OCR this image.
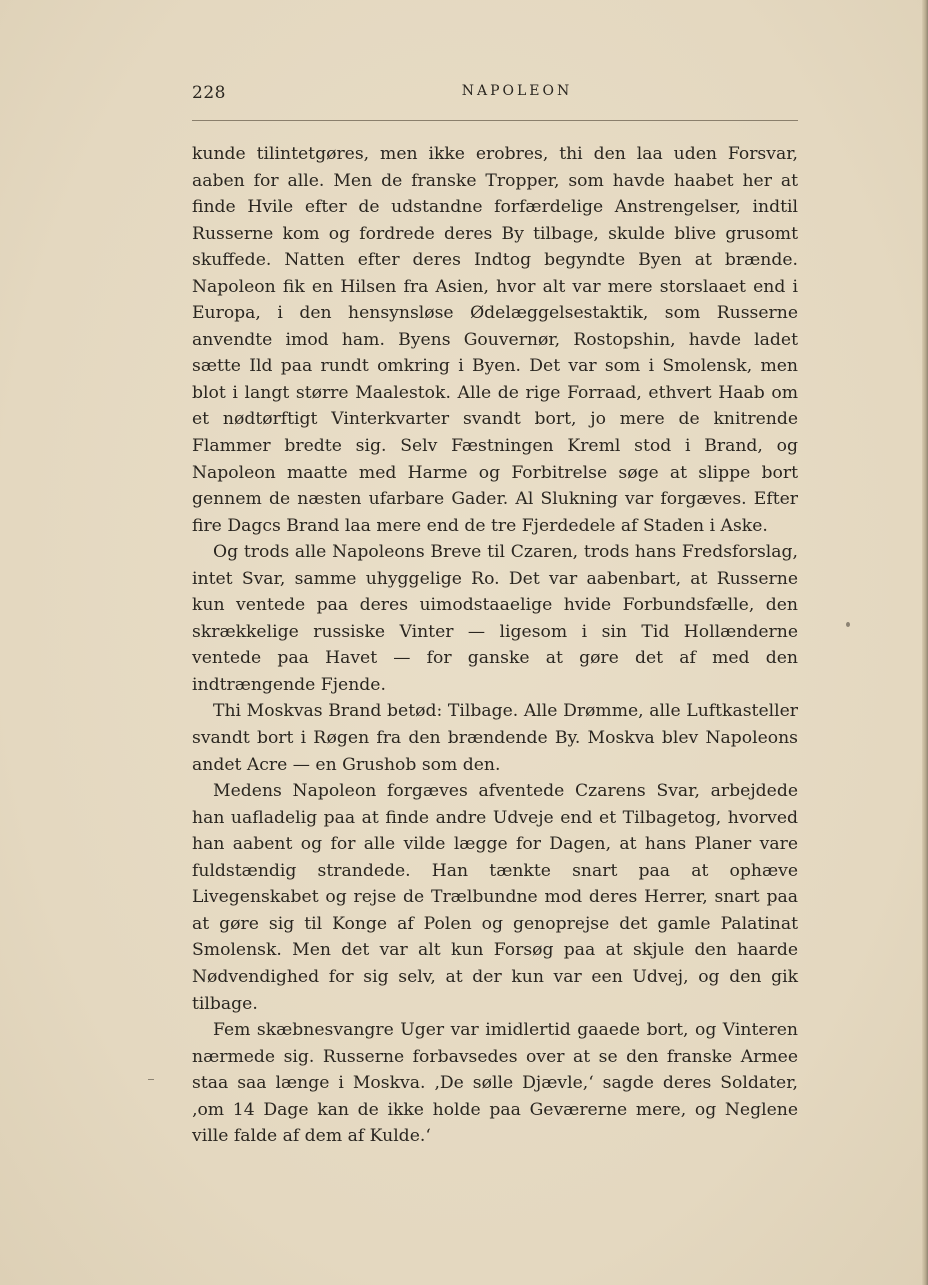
228	NAPOLEON

kunde tilintetgøres, men ikke erobres, thi den laa uden Forsvar, aaben for alle. Men de franske Tropper, som havde haabet her at finde Hvile efter de udstandne forfærdelige Anstrengelser, indtil Russerne kom og fordrede deres By tilbage, skulde blive grusomt skuffede. Natten efter deres Indtog begyndte Byen at brænde. Napoleon fik en Hilsen fra Asien, hvor alt var mere storslaaet end i Europa, i den hensynsløse Ødelæggelsestaktik, som Russerne anvendte imod ham. Byens Gouvernør, Rostopshin, havde ladet sætte Ild paa rundt omkring i Byen. Det var som i Smolensk, men blot i langt større Maalestok. Alle de rige Forraad, ethvert Haab om et nødtørftigt Vinterkvarter svandt bort, jo mere de knitrende Flammer bredte sig. Selv Fæstningen Kreml stod i Brand, og Napoleon maatte med Harme og Forbitrelse søge at slippe bort gennem de næsten ufarbare Gader. Al Slukning var forgæves. Efter fire Dagcs Brand laa mere end de tre Fjerdedele af Staden i Aske.

Og trods alle Napoleons Breve til Czaren, trods hans Fredsforslag, intet Svar, samme uhyggelige Ro. Det var aabenbart, at Russerne kun ventede paa deres uimodstaaelige hvide Forbundsfælle, den skrækkelige russiske Vinter — ligesom i sin Tid Hollænderne ventede paa Havet — for ganske at gøre det af med den indtrængende Fjende.

Thi Moskvas Brand betød: Tilbage. Alle Drømme, alle Luftkasteller svandt bort i Røgen fra den brændende By. Moskva blev Napoleons andet Acre — en Grushob som den.

Medens Napoleon forgæves afventede Czarens Svar, arbejdede han uafladelig paa at finde andre Udveje end et Tilbagetog, hvorved han aabent og for alle vilde lægge for Dagen, at hans Planer vare fuldstændig strandede. Han tænkte snart paa at ophæve Livegenskabet og rejse de Trælbundne mod deres Herrer, snart paa at gøre sig til Konge af Polen og genoprejse det gamle Palatinat Smolensk. Men det var alt kun Forsøg paa at skjule den haarde Nødvendighed for sig selv, at der kun var een Udvej, og den gik tilbage.

Fem skæbnesvangre Uger var imidlertid gaaede bort, og Vinteren nærmede sig. Russerne forbavsedes over at se den franske Armee staa saa længe i Moskva. ‚De sølle Djævle,‘ sagde deres Soldater, ‚om 14 Dage kan de ikke holde paa Geværerne mere, og Neglene ville falde af dem af Kulde.‘
